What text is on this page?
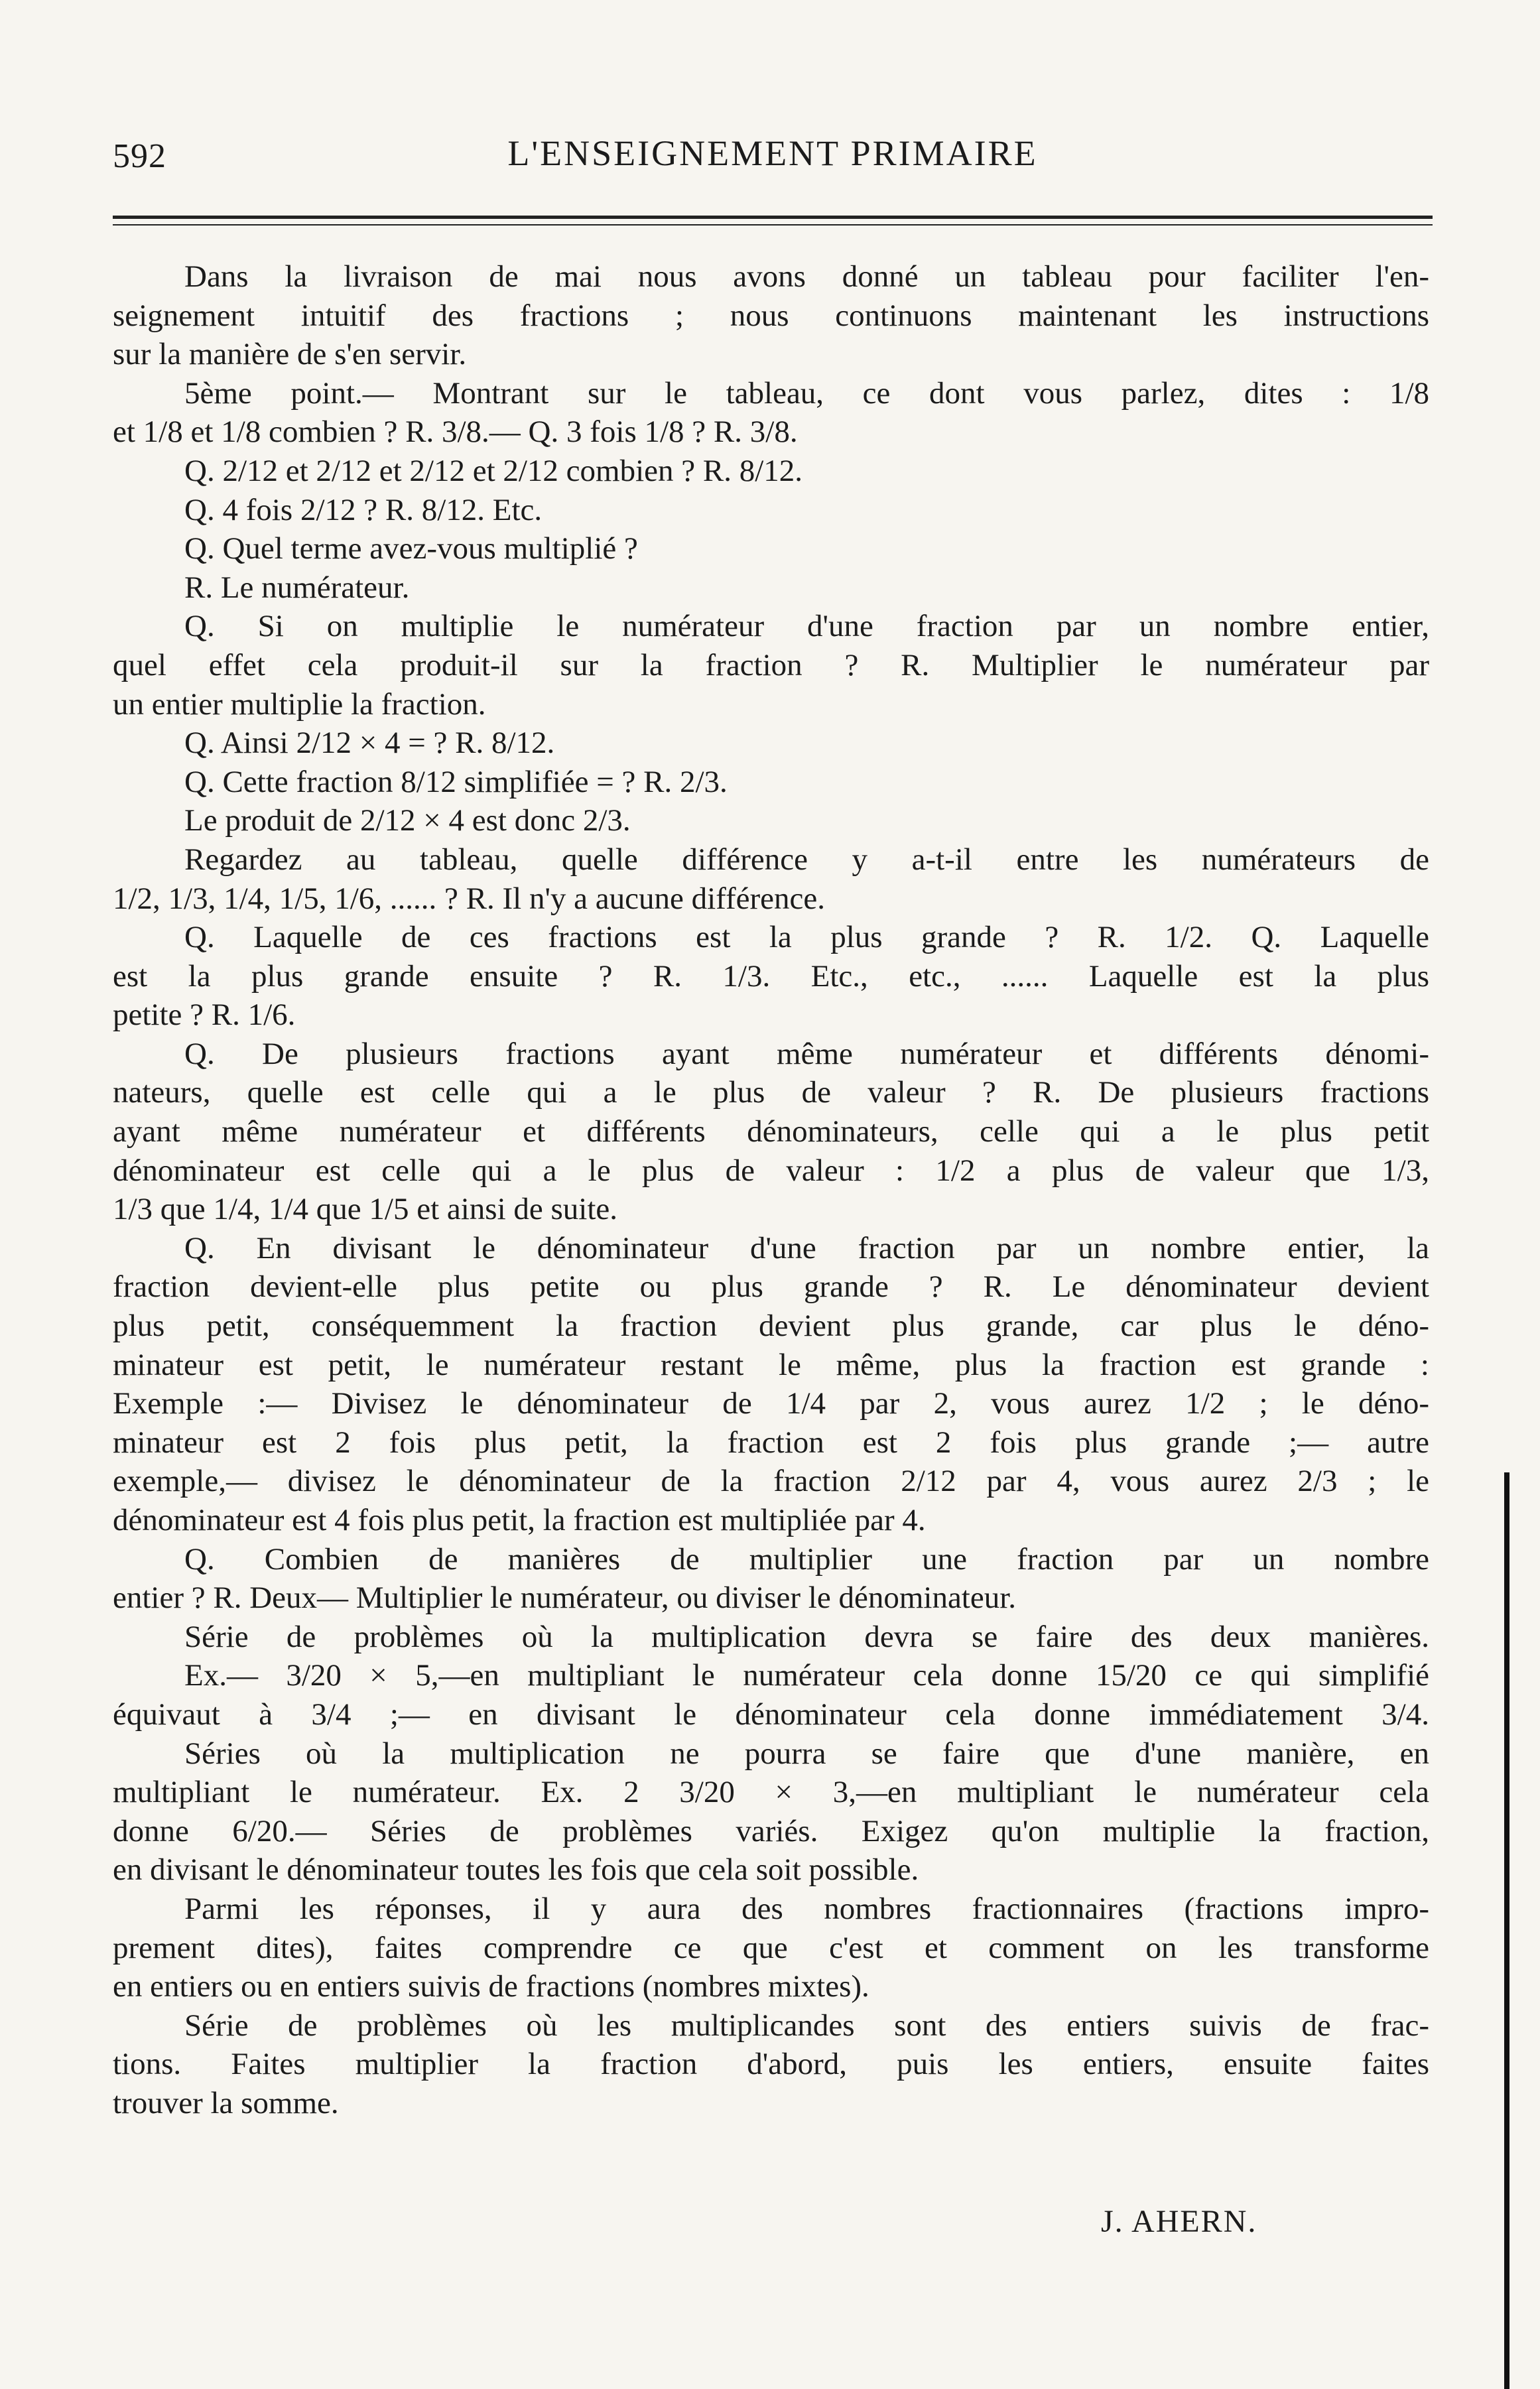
592	L'ENSEIGNEMENT PRIMAIRE
Dans la livraison de mai nous avons donné un tableau pour faciliter l'en-
seignement intuitif des fractions ; nous continuons maintenant les instructions
sur la manière de s'en servir.
5ème point.— Montrant sur le tableau, ce dont vous parlez, dites : 1/8
et 1/8 et 1/8 combien ? R. 3/8.— Q. 3 fois 1/8 ? R. 3/8.
Q. 2/12 et 2/12 et 2/12 et 2/12 combien ? R. 8/12.
Q. 4 fois 2/12 ? R. 8/12. Etc.
Q. Quel terme avez-vous multiplié ?
R. Le numérateur.
Q. Si on multiplie le numérateur d'une fraction par un nombre entier,
quel effet cela produit-il sur la fraction ? R. Multiplier le numérateur par
un entier multiplie la fraction.
Q. Ainsi 2/12 × 4 = ? R. 8/12.
Q. Cette fraction 8/12 simplifiée = ? R. 2/3.
Le produit de 2/12 × 4 est donc 2/3.
Regardez au tableau, quelle différence y a-t-il entre les numérateurs de
1/2, 1/3, 1/4, 1/5, 1/6, ...... ? R. Il n'y a aucune différence.
Q. Laquelle de ces fractions est la plus grande ? R. 1/2. Q. Laquelle
est la plus grande ensuite ? R. 1/3. Etc., etc., ...... Laquelle est la plus
petite ? R. 1/6.
Q. De plusieurs fractions ayant même numérateur et différents dénomi-
nateurs, quelle est celle qui a le plus de valeur ? R. De plusieurs fractions
ayant même numérateur et différents dénominateurs, celle qui a le plus petit
dénominateur est celle qui a le plus de valeur : 1/2 a plus de valeur que 1/3,
1/3 que 1/4, 1/4 que 1/5 et ainsi de suite.
Q. En divisant le dénominateur d'une fraction par un nombre entier, la
fraction devient-elle plus petite ou plus grande ? R. Le dénominateur devient
plus petit, conséquemment la fraction devient plus grande, car plus le déno-
minateur est petit, le numérateur restant le même, plus la fraction est grande :
Exemple :— Divisez le dénominateur de 1/4 par 2, vous aurez 1/2 ; le déno-
minateur est 2 fois plus petit, la fraction est 2 fois plus grande ;— autre
exemple,— divisez le dénominateur de la fraction 2/12 par 4, vous aurez 2/3 ; le
dénominateur est 4 fois plus petit, la fraction est multipliée par 4.
Q. Combien de manières de multiplier une fraction par un nombre
entier ? R. Deux— Multiplier le numérateur, ou diviser le dénominateur.
Série de problèmes où la multiplication devra se faire des deux manières.
Ex.— 3/20 × 5,—en multipliant le numérateur cela donne 15/20 ce qui simplifié
équivaut à 3/4 ;— en divisant le dénominateur cela donne immédiatement 3/4.
Séries où la multiplication ne pourra se faire que d'une manière, en
multipliant le numérateur. Ex. 2 3/20 × 3,—en multipliant le numérateur cela
donne 6/20.— Séries de problèmes variés. Exigez qu'on multiplie la fraction,
en divisant le dénominateur toutes les fois que cela soit possible.
Parmi les réponses, il y aura des nombres fractionnaires (fractions impro-
prement dites), faites comprendre ce que c'est et comment on les transforme
en entiers ou en entiers suivis de fractions (nombres mixtes).
Série de problèmes où les multiplicandes sont des entiers suivis de frac-
tions. Faites multiplier la fraction d'abord, puis les entiers, ensuite faites
trouver la somme.
J. AHERN.
